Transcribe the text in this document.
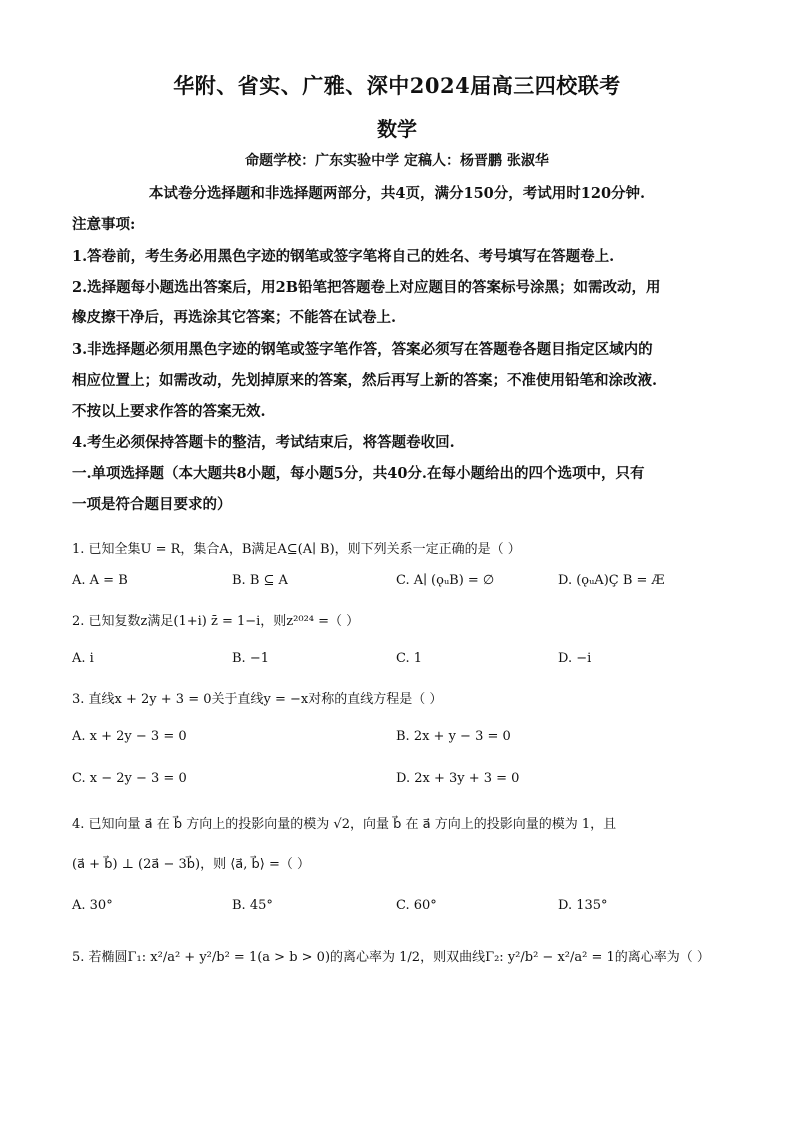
华附、省实、广雅、深中2024届高三四校联考
数学
命题学校：广东实验中学 定稿人：杨晋鹏 张淑华
本试卷分选择题和非选择题两部分，共4页，满分150分，考试用时120分钟.
注意事项:
1.答卷前，考生务必用黑色字迹的钢笔或签字笔将自己的姓名、考号填写在答题卷上.
2.选择题每小题选出答案后，用2B铅笔把答题卷上对应题目的答案标号涂黑；如需改动，用
橡皮擦干净后，再选涂其它答案；不能答在试卷上.
3.非选择题必须用黑色字迹的钢笔或签字笔作答，答案必须写在答题卷各题目指定区域内的
相应位置上；如需改动，先划掉原来的答案，然后再写上新的答案；不准使用铅笔和涂改液.
不按以上要求作答的答案无效.
4.考生必须保持答题卡的整洁，考试结束后，将答题卷收回.
一.单项选择题（本大题共8小题，每小题5分，共40分.在每小题给出的四个选项中，只有
一项是符合题目要求的）
1. 已知全集U = R，集合A，B满足A⊆(A∣ B)，则下列关系一定正确的是（ ）
A. A = B	B. B ⊆ A	C. A∣ (ǫᵤB) = ∅	D. (ǫᵤA)Ç B = Æ
2. 已知复数z满足(1+i) z̄ = 1−i，则z²⁰²⁴ =（ ）
A. i	B. −1	C. 1	D. −i
3. 直线x + 2y + 3 = 0关于直线y = −x对称的直线方程是（ ）
A. x + 2y − 3 = 0	B. 2x + y − 3 = 0
C. x − 2y − 3 = 0	D. 2x + 3y + 3 = 0
4. 已知向量 a⃗ 在 b⃗ 方向上的投影向量的模为 √2，向量 b⃗ 在 a⃗ 方向上的投影向量的模为 1，且
(a⃗ + b⃗) ⊥ (2a⃗ − 3b⃗)，则 ⟨a⃗, b⃗⟩ =（ ）
A. 30°	B. 45°	C. 60°	D. 135°
5. 若椭圆Γ₁: x²/a² + y²/b² = 1(a > b > 0)的离心率为 1/2，则双曲线Γ₂: y²/b² − x²/a² = 1的离心率为（ ）
